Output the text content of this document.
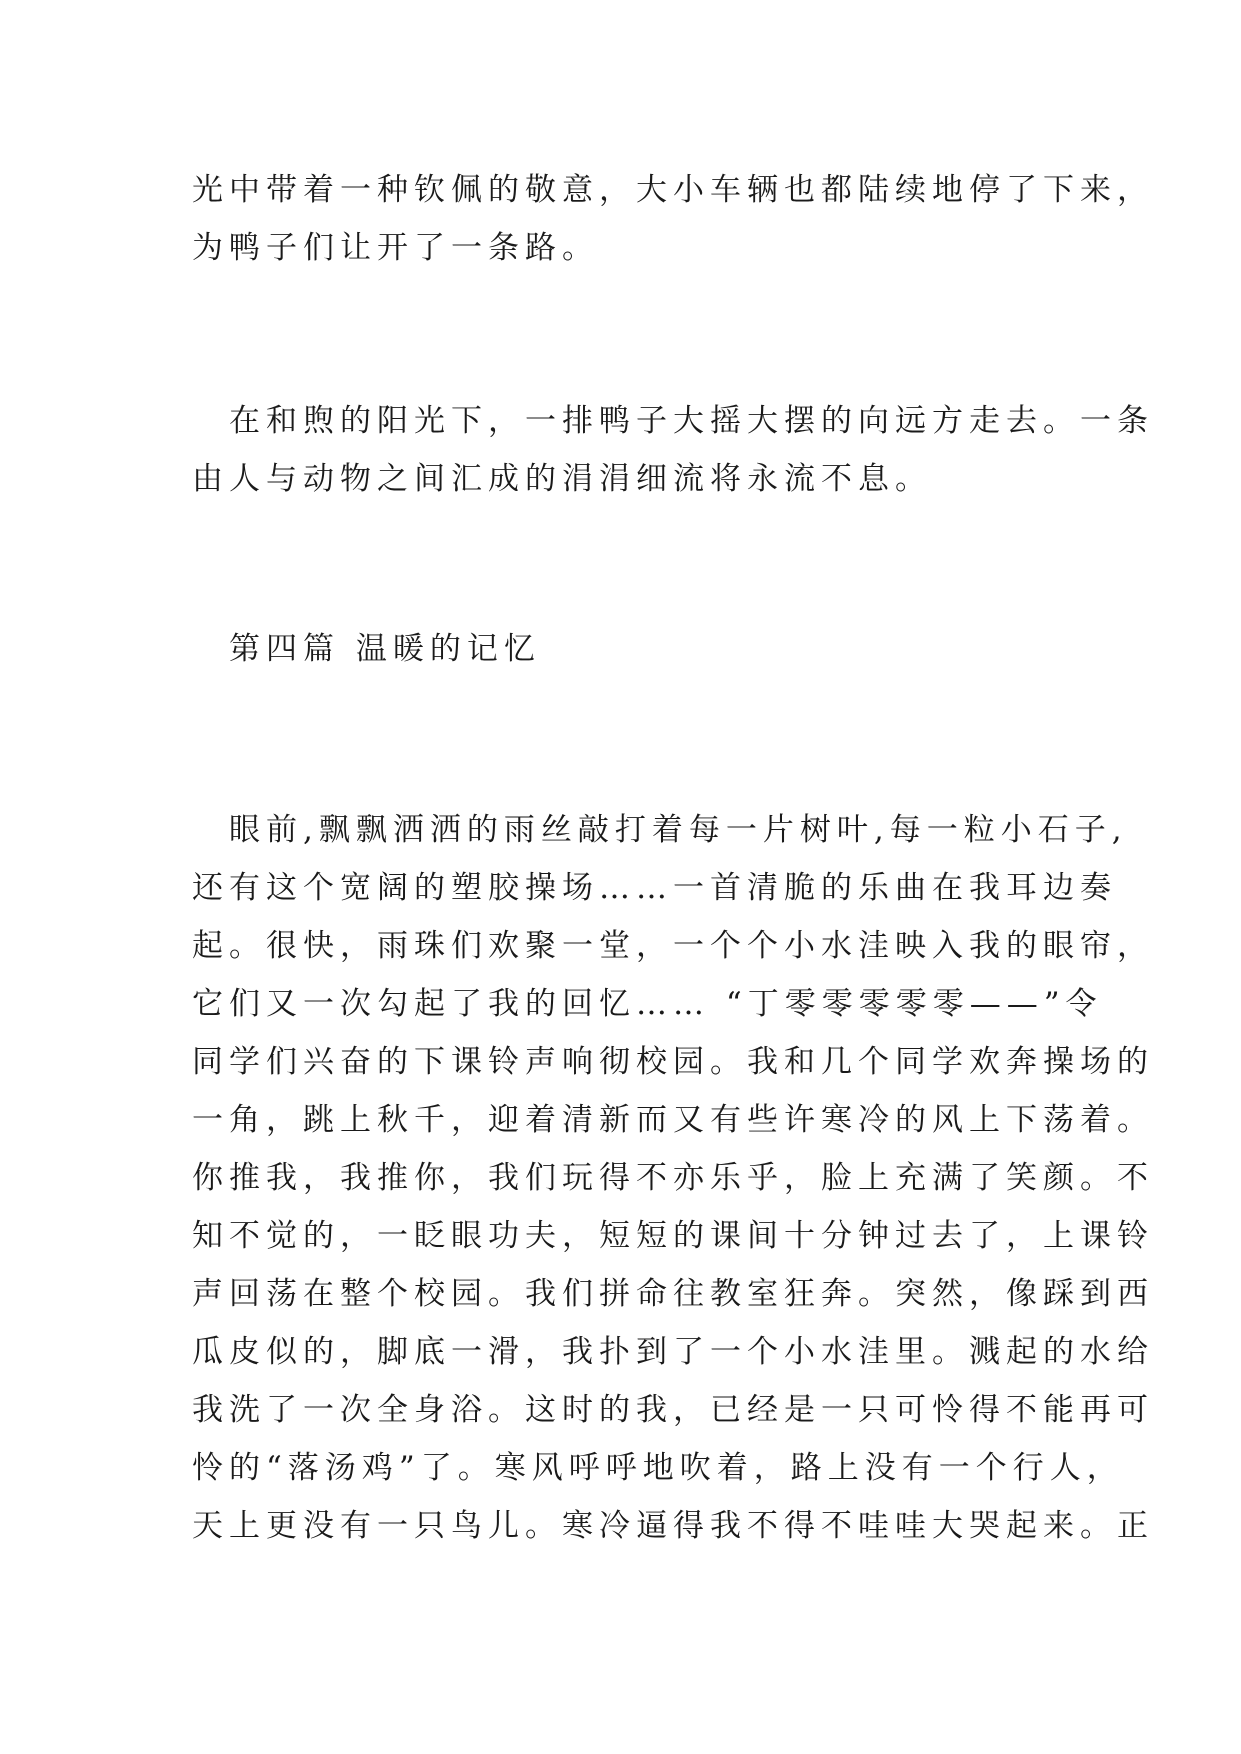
光中带着一种钦佩的敬意，大小车辆也都陆续地停了下来，
为鸭子们让开了一条路。

　在和煦的阳光下，一排鸭子大摇大摆的向远方走去。一条
由人与动物之间汇成的涓涓细流将永流不息。

　第四篇 温暖的记忆

　眼前,飘飘洒洒的雨丝敲打着每一片树叶,每一粒小石子,
还有这个宽阔的塑胶操场……一首清脆的乐曲在我耳边奏
起。很快，雨珠们欢聚一堂，一个个小水洼映入我的眼帘，
它们又一次勾起了我的回忆…… “丁零零零零零——”令
同学们兴奋的下课铃声响彻校园。我和几个同学欢奔操场的
一角，跳上秋千，迎着清新而又有些许寒冷的风上下荡着。
你推我，我推你，我们玩得不亦乐乎，脸上充满了笑颜。不
知不觉的，一眨眼功夫，短短的课间十分钟过去了，上课铃
声回荡在整个校园。我们拼命往教室狂奔。突然，像踩到西
瓜皮似的，脚底一滑，我扑到了一个小水洼里。溅起的水给
我洗了一次全身浴。这时的我，已经是一只可怜得不能再可
怜的“落汤鸡”了。寒风呼呼地吹着，路上没有一个行人，
天上更没有一只鸟儿。寒冷逼得我不得不哇哇大哭起来。正
